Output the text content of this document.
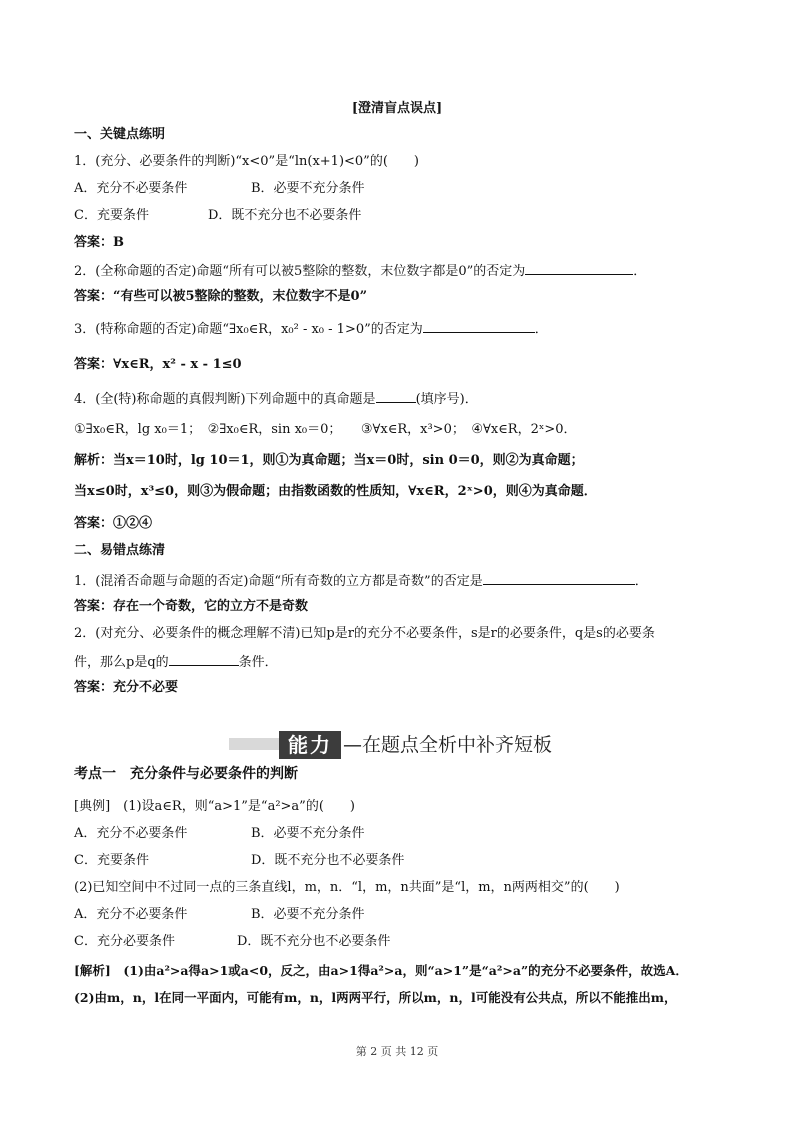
[澄清盲点误点]
一、关键点练明
1．(充分、必要条件的判断)“x<0”是“ln(x+1)<0”的(　　)
A．充分不必要条件	B．必要不充分条件
C．充要条件	D．既不充分也不必要条件
答案：B
2．(全称命题的否定)命题“所有可以被5整除的整数，末位数字都是0”的否定为	．
答案：“有些可以被5整除的整数，末位数字不是0”
3．(特称命题的否定)命题“∃x₀∈R，x₀² - x₀ - 1>0”的否定为	．
答案：∀x∈R，x² - x - 1≤0
4．(全(特)称命题的真假判断)下列命题中的真命题是	(填序号)．
①∃x₀∈R，lg x₀＝1；　②∃x₀∈R，sin x₀＝0；　　③∀x∈R，x³>0；　④∀x∈R，2ˣ>0．
解析：当x＝10时，lg 10＝1，则①为真命题；当x＝0时，sin 0＝0，则②为真命题；
当x≤0时，x³≤0，则③为假命题；由指数函数的性质知，∀x∈R，2ˣ>0，则④为真命题．
答案：①②④
二、易错点练清
1．(混淆否命题与命题的否定)命题“所有奇数的立方都是奇数”的否定是	．
答案：存在一个奇数，它的立方不是奇数
2．(对充分、必要条件的概念理解不清)已知p是r的充分不必要条件，s是r的必要条件，q是s的必要条
件，那么p是q的	条件．
答案：充分不必要
能力 —在题点全析中补齐短板
考点一　充分条件与必要条件的判断
[典例]　(1)设a∈R，则“a>1”是“a²>a”的(　　)
A．充分不必要条件	B．必要不充分条件
C．充要条件	D．既不充分也不必要条件
(2)已知空间中不过同一点的三条直线l，m，n．“l，m，n共面”是“l，m，n两两相交”的(　　)
A．充分不必要条件	B．必要不充分条件
C．充分必要条件	D．既不充分也不必要条件
[解析]　(1)由a²>a得a>1或a<0，反之，由a>1得a²>a，则“a>1”是“a²>a”的充分不必要条件，故选A．
(2)由m，n，l在同一平面内，可能有m，n，l两两平行，所以m，n，l可能没有公共点，所以不能推出m，
第 2 页 共 12 页
